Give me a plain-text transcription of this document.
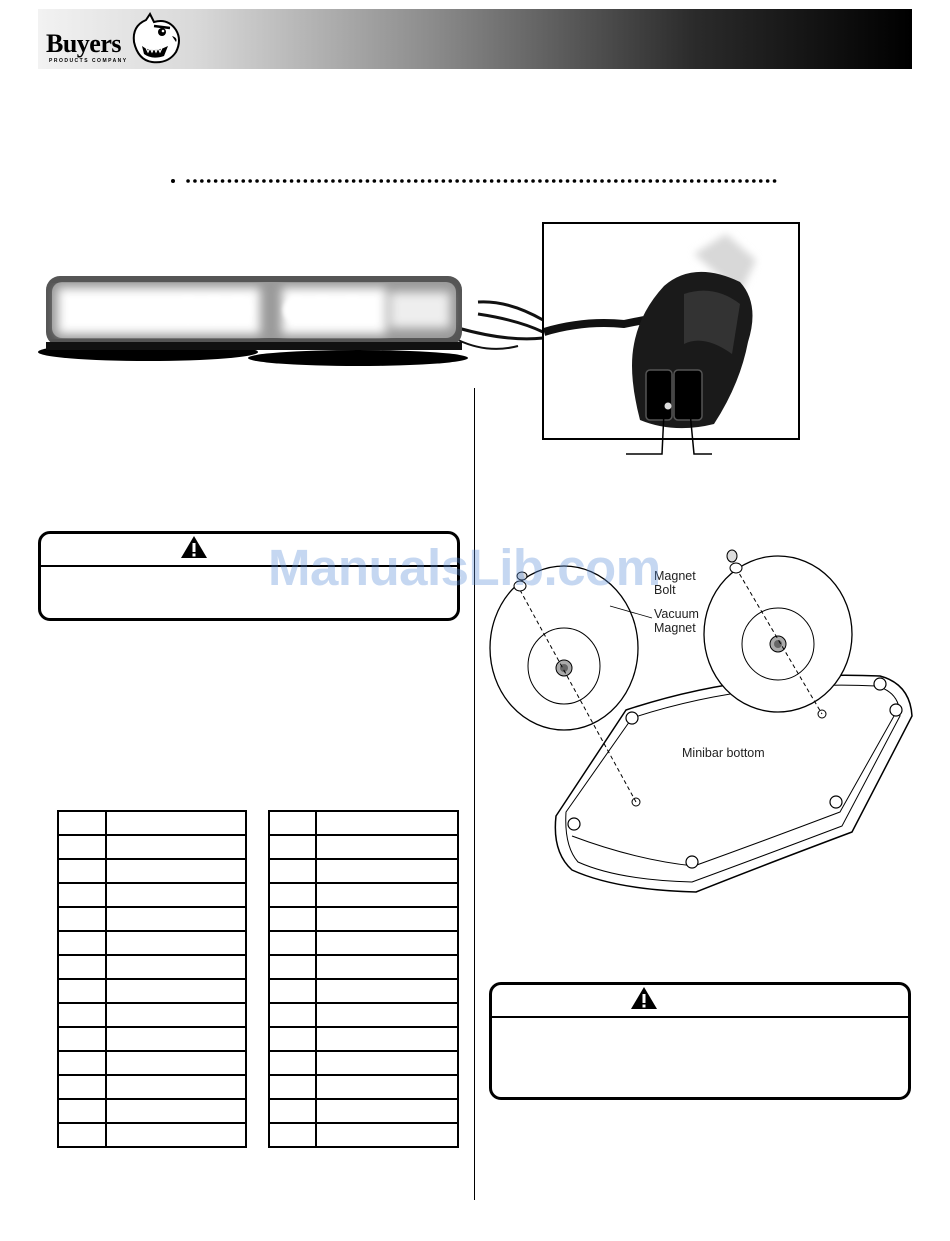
Buyers
PRODUCTS COMPANY
Magnet
Bolt
Vacuum
Magnet
Minibar bottom

ManualsLib.com
